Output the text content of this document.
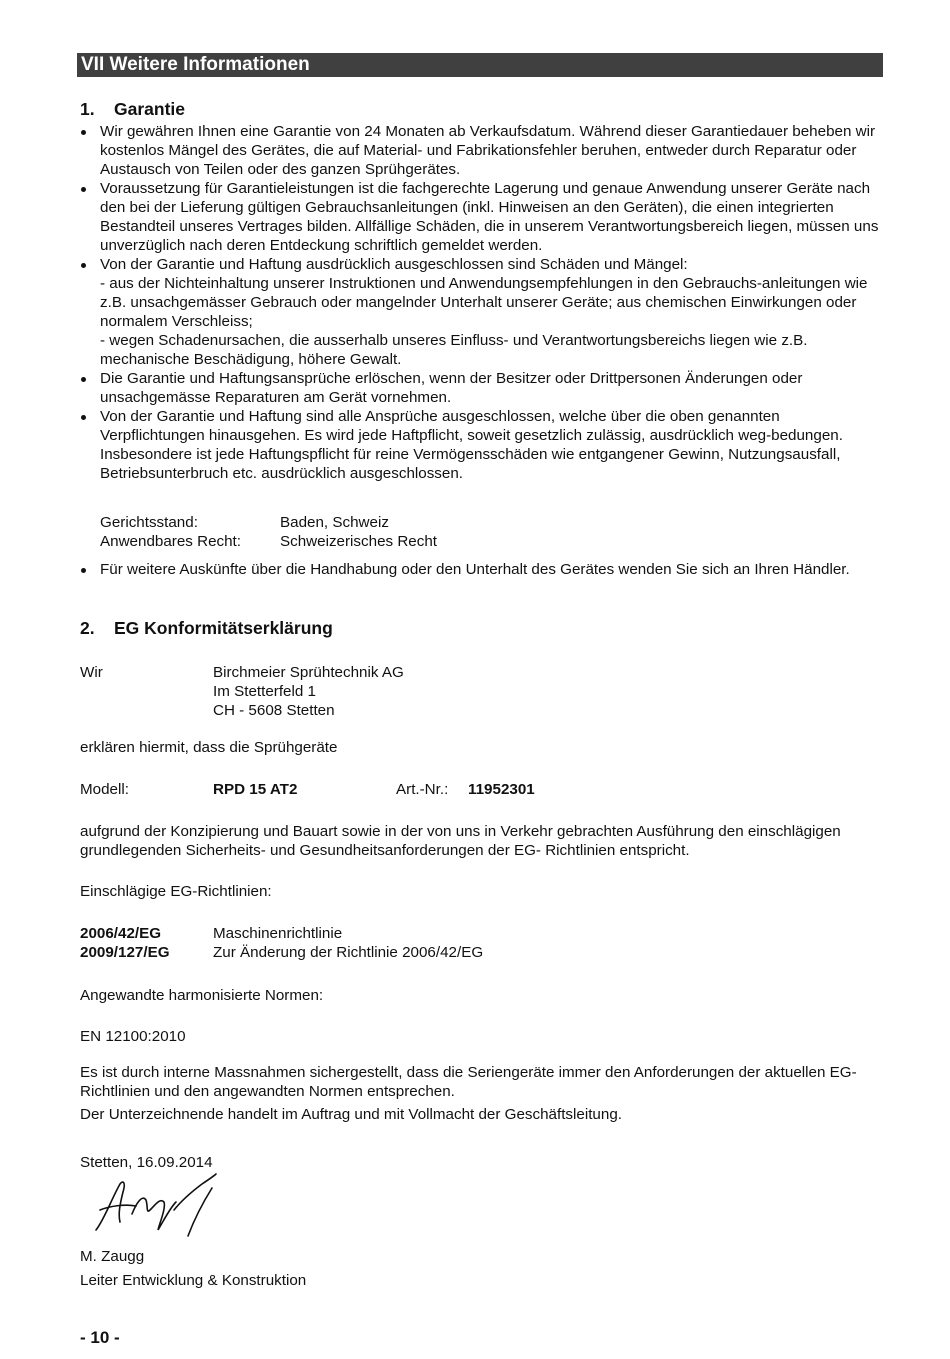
VII Weitere Informationen
1. Garantie
Wir gewähren Ihnen eine Garantie von 24 Monaten ab Verkaufsdatum. Während dieser Garantiedauer beheben wir kostenlos Mängel des Gerätes, die auf Material- und Fabrikationsfehler beruhen, entweder durch Reparatur oder Austausch von Teilen oder des ganzen Sprühgerätes.
Voraussetzung für Garantieleistungen ist die fachgerechte Lagerung und genaue Anwendung unserer Geräte nach den bei der Lieferung gültigen Gebrauchsanleitungen (inkl. Hinweisen an den Geräten), die einen integrierten Bestandteil unseres Vertrages bilden. Allfällige Schäden, die in unserem Verantwortungsbereich liegen, müssen uns unverzüglich nach deren Entdeckung schriftlich gemeldet werden.
Von der Garantie und Haftung ausdrücklich ausgeschlossen sind Schäden und Mängel:
- aus der Nichteinhaltung unserer Instruktionen und Anwendungsempfehlungen in den Gebrauchs-anleitungen wie z.B. unsachgemässer Gebrauch oder mangelnder Unterhalt unserer Geräte; aus chemischen Einwirkungen oder normalem Verschleiss;
- wegen Schadenursachen, die ausserhalb unseres Einfluss- und Verantwortungsbereichs liegen wie z.B. mechanische Beschädigung, höhere Gewalt.
Die Garantie und Haftungsansprüche erlöschen, wenn der Besitzer oder Drittpersonen Änderungen oder unsachgemässe Reparaturen am Gerät vornehmen.
Von der Garantie und Haftung sind alle Ansprüche ausgeschlossen, welche über die oben genannten Verpflichtungen hinausgehen. Es wird jede Haftpflicht, soweit gesetzlich zulässig, ausdrücklich weg-bedungen. Insbesondere ist jede Haftungspflicht für reine Vermögensschäden wie entgangener Gewinn, Nutzungsausfall, Betriebsunterbruch etc. ausdrücklich ausgeschlossen.
Gerichtsstand:	Baden, Schweiz
Anwendbares Recht:	Schweizerisches Recht
Für weitere Auskünfte über die Handhabung oder den Unterhalt des Gerätes wenden Sie sich an Ihren Händler.
2. EG Konformitätserklärung
Wir	Birchmeier Sprühtechnik AG
Im Stetterfeld 1
CH - 5608 Stetten
erklären hiermit, dass die Sprühgeräte
Modell:	RPD 15 AT2	Art.-Nr.: 11952301
aufgrund der Konzipierung und Bauart sowie in der von uns in Verkehr gebrachten Ausführung den einschlägigen grundlegenden Sicherheits- und Gesundheitsanforderungen der EG- Richtlinien entspricht.
Einschlägige EG-Richtlinien:
2006/42/EG	Maschinenrichtlinie
2009/127/EG	Zur Änderung der Richtlinie 2006/42/EG
Angewandte harmonisierte Normen:
EN 12100:2010
Es ist durch interne Massnahmen sichergestellt, dass die Seriengeräte immer den Anforderungen der aktuellen EG-Richtlinien und den angewandten Normen entsprechen.
Der Unterzeichnende handelt im Auftrag und mit Vollmacht der Geschäftsleitung.
Stetten, 16.09.2014
M. Zaugg
Leiter Entwicklung & Konstruktion
- 10 -
